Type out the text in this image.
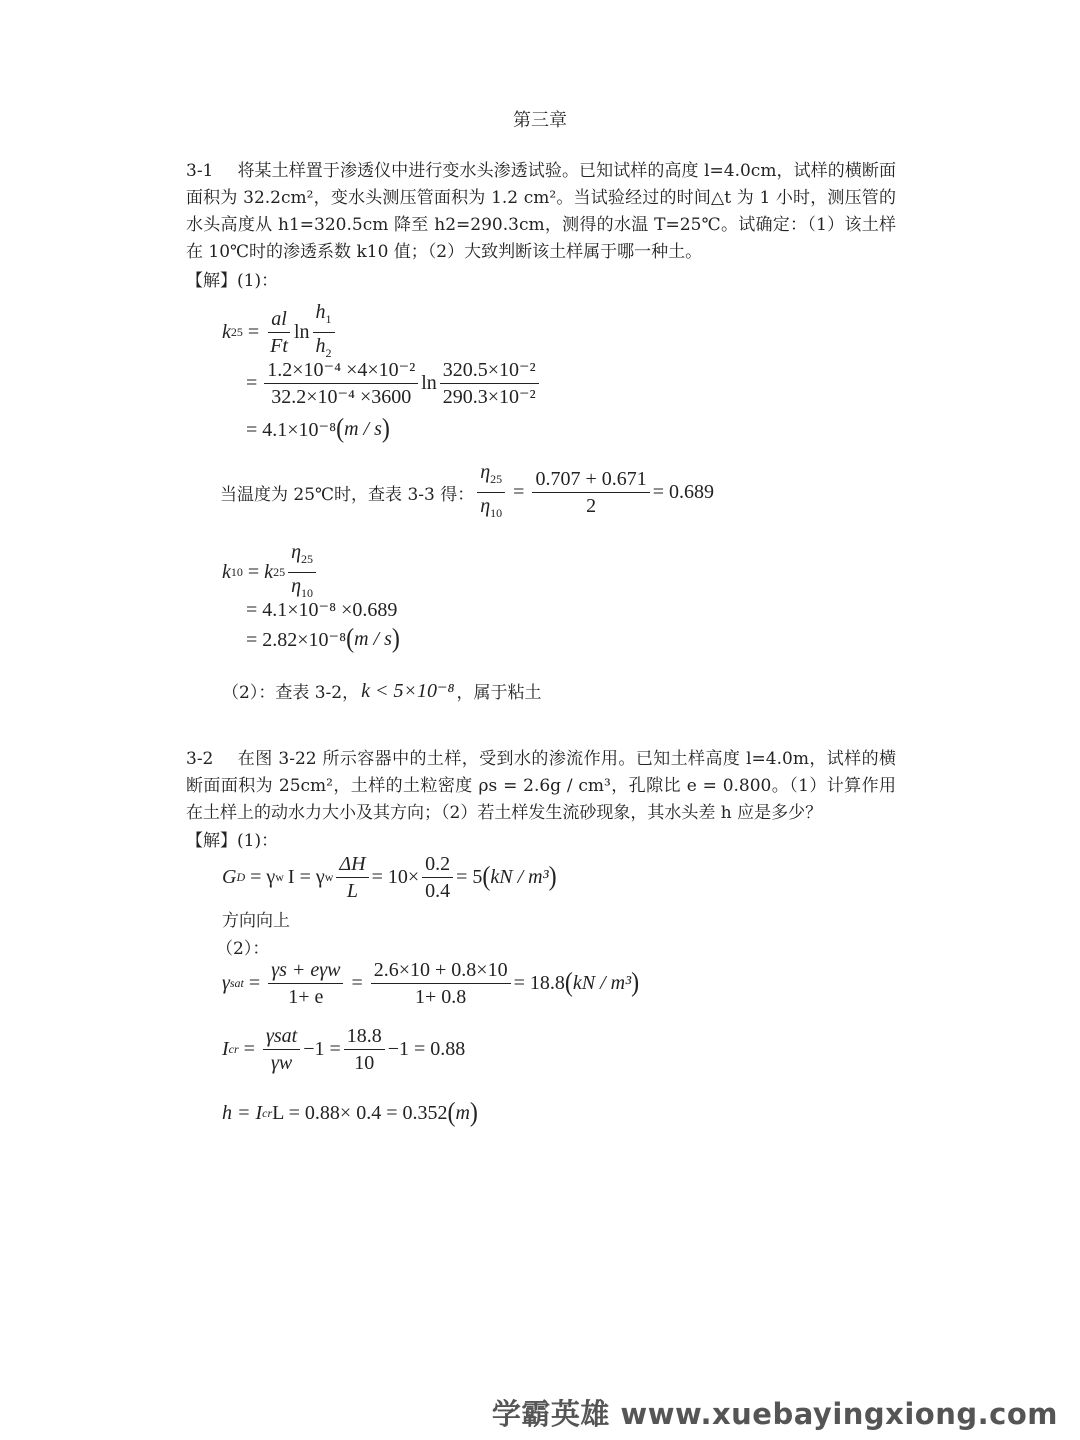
第三章
3-1 将某土样置于渗透仪中进行变水头渗透试验。已知试样的高度 l=4.0cm，试样的横断面面积为 32.2cm²，变水头测压管面积为 1.2 cm²。当试验经过的时间△t 为 1 小时，测压管的水头高度从 h1=320.5cm 降至 h2=290.3cm，测得的水温 T=25℃。试确定：（1）该土样在 10℃时的渗透系数 k10 值；（2）大致判断该土样属于哪一种土。
【解】(1)：
k $25 = \frac{al}{Ft}$ $\ln \frac{h_1}{h_2}$
= $\frac{\text{1.2×10⁻⁴ ×4×10⁻²}}{\text{32.2×10⁻⁴ ×3600}}$ $\ln \frac{\text{320.5×10⁻²}}{\text{290.3×10⁻²}}$
= 4.1×10⁻⁸ ( m / s )
当温度为 25℃时，查表 3-3 得： $\frac{\eta_{25}}{\eta_{10}} = \frac{0.707 + 0.671}{2} = 0.689$
k 10 = k $25 \frac{\eta_{25}}{\eta_{10}}$
= 4.1×10⁻⁸ ×0.689
= 2.82×10⁻⁸ ( m / s )
（2）：查表 3-2， k < 5×10⁻⁸ ，属于粘土
3-2 在图 3-22 所示容器中的土样，受到水的渗流作用。已知土样高度 l=4.0m，试样的横断面面积为 25cm²，土样的土粒密度 ρs = 2.6g / cm³，孔隙比 e = 0.800。（1）计算作用在土样上的动水力大小及其方向；（2）若土样发生流砂现象，其水头差 h 应是多少？
【解】(1)：
G D = γ w I = γ w $\frac{\Delta H}{L} = 10\times \frac{0.2}{0.4} = 5$ ( kN / m³ )
方向向上
（2）：
γ sat = $\frac{\text{γs + eγw}}{1+ e} = \frac{2.6\times 10 + 0.8\times 10}{1+ 0.8} = 18.8$ ( kN / m³ )
I cr = $\frac{\text{γsat}}{\gamma w} -1 = \frac{18.8}{10} -1 = 0.88$
h = I cr L = 0.88× 0.4 = 0.352 ( m )
学霸英雄 www.xuebayingxiong.com
